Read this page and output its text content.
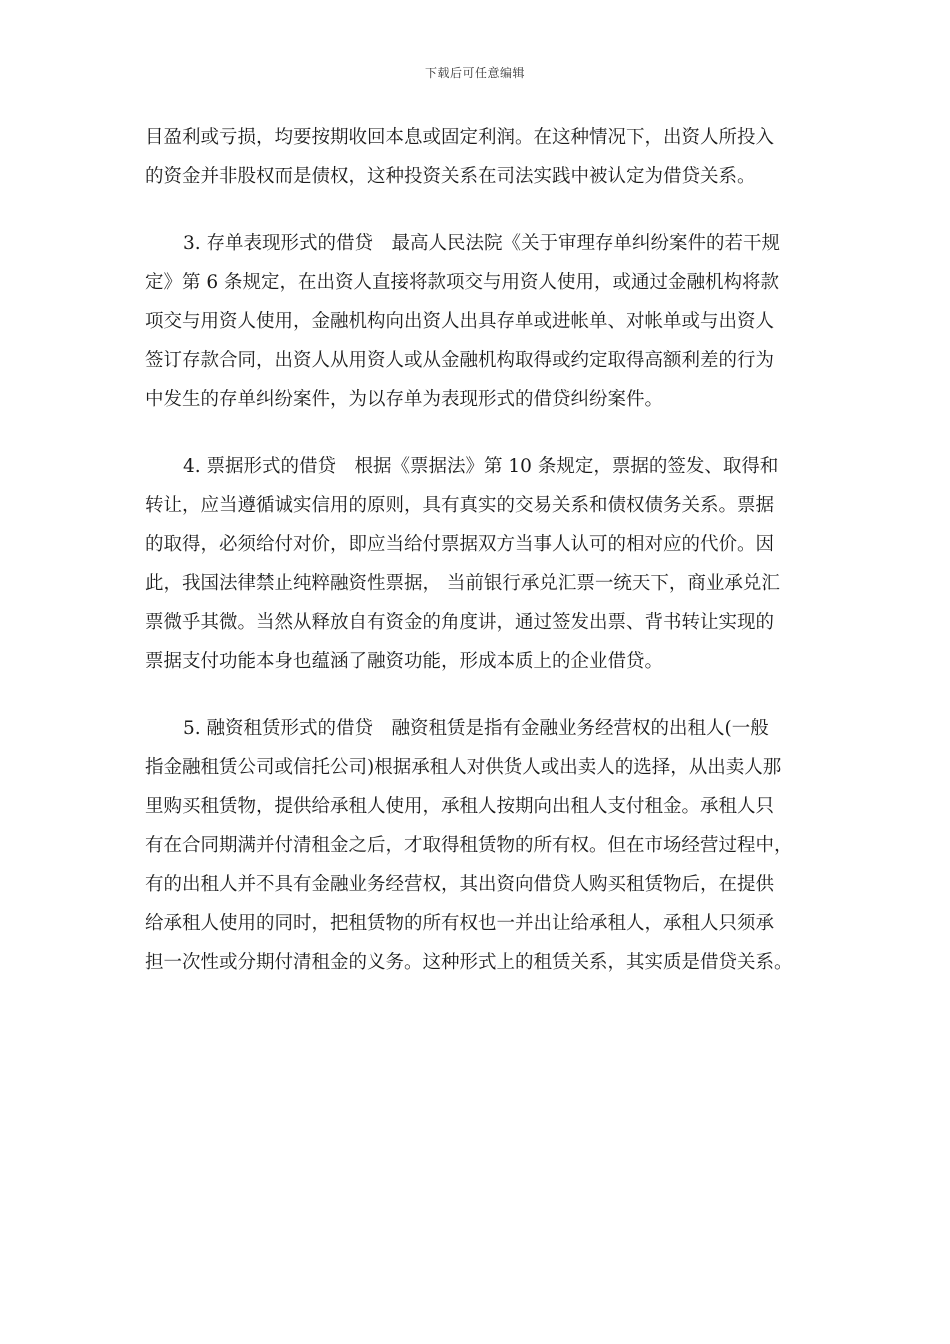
下载后可任意编辑
目盈利或亏损，均要按期收回本息或固定利润。在这种情况下，出资人所投入
的资金并非股权而是债权，这种投资关系在司法实践中被认定为借贷关系。
3. 存单表现形式的借贷　最高人民法院《关于审理存单纠纷案件的若干规
定》第 6 条规定，在出资人直接将款项交与用资人使用，或通过金融机构将款
项交与用资人使用，金融机构向出资人出具存单或进帐单、对帐单或与出资人
签订存款合同，出资人从用资人或从金融机构取得或约定取得高额利差的行为
中发生的存单纠纷案件，为以存单为表现形式的借贷纠纷案件。
4. 票据形式的借贷　根据《票据法》第 10 条规定，票据的签发、取得和
转让，应当遵循诚实信用的原则，具有真实的交易关系和债权债务关系。票据
的取得，必须给付对价，即应当给付票据双方当事人认可的相对应的代价。因
此，我国法律禁止纯粹融资性票据， 当前银行承兑汇票一统天下，商业承兑汇
票微乎其微。当然从释放自有资金的角度讲，通过签发出票、背书转让实现的
票据支付功能本身也蕴涵了融资功能，形成本质上的企业借贷。
5. 融资租赁形式的借贷　融资租赁是指有金融业务经营权的出租人(一般
指金融租赁公司或信托公司)根据承租人对供货人或出卖人的选择，从出卖人那
里购买租赁物，提供给承租人使用，承租人按期向出租人支付租金。承租人只
有在合同期满并付清租金之后，才取得租赁物的所有权。但在市场经营过程中，
有的出租人并不具有金融业务经营权，其出资向借贷人购买租赁物后，在提供
给承租人使用的同时，把租赁物的所有权也一并出让给承租人，承租人只须承
担一次性或分期付清租金的义务。这种形式上的租赁关系，其实质是借贷关系。
